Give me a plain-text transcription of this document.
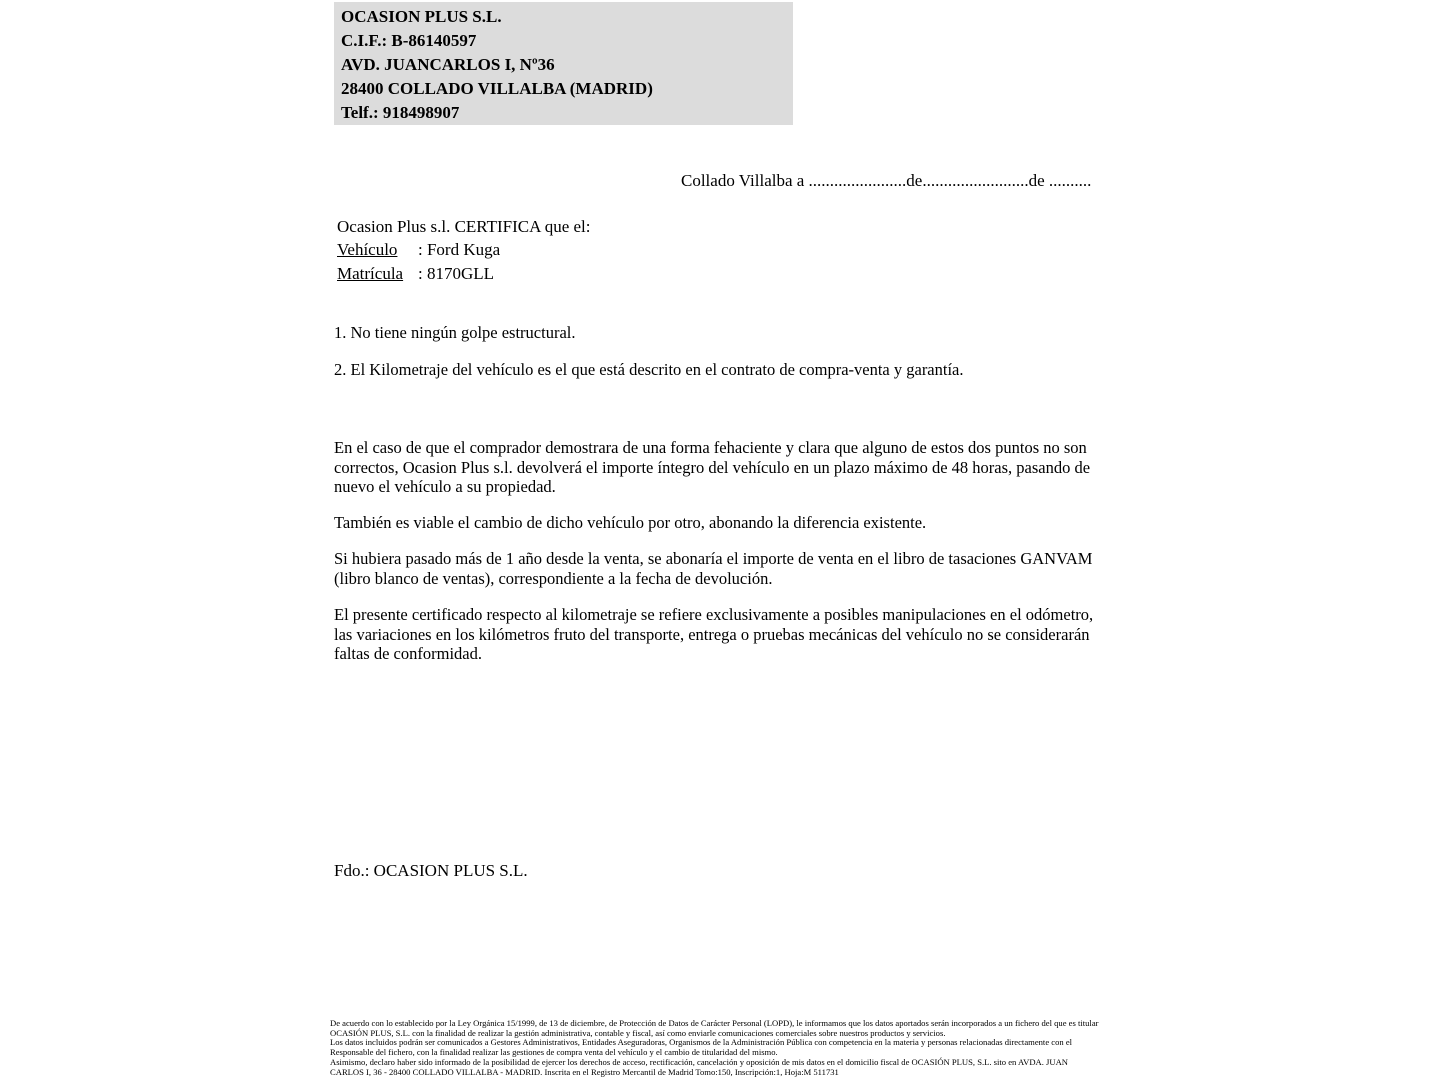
OCASION PLUS S.L.
C.I.F.: B-86140597
AVD. JUANCARLOS I, Nº36
28400 COLLADO VILLALBA (MADRID)
Telf.: 918498907
Collado Villalba a .......................de.........................de ..........
Ocasion Plus s.l. CERTIFICA que el:
Vehículo : Ford Kuga
Matrícula : 8170GLL
1. No tiene ningún golpe estructural.
2. El Kilometraje del vehículo es el que está descrito en el contrato de compra-venta y garantía.

En el caso de que el comprador demostrara de una forma fehaciente y clara que alguno de estos dos puntos no son correctos, Ocasion Plus s.l. devolverá el importe íntegro del vehículo en un plazo máximo de 48 horas, pasando de nuevo el vehículo a su propiedad.

También es viable el cambio de dicho vehículo por otro, abonando la diferencia existente.

Si hubiera pasado más de 1 año desde la venta, se abonaría el importe de venta en el libro de tasaciones GANVAM (libro blanco de ventas), correspondiente a la fecha de devolución.

El presente certificado respecto al kilometraje se refiere exclusivamente a posibles manipulaciones en el odómetro, las variaciones en los kilómetros fruto del transporte, entrega o pruebas mecánicas del vehículo no se considerarán faltas de conformidad.

Fdo.: OCASION PLUS S.L.
De acuerdo con lo establecido por la Ley Orgánica 15/1999, de 13 de diciembre, de Protección de Datos de Carácter Personal (LOPD), le informamos que los datos aportados serán incorporados a un fichero del que es titular OCASIÓN PLUS, S.L. con la finalidad de realizar la gestión administrativa, contable y fiscal, así como enviarle comunicaciones comerciales sobre nuestros productos y servicios.
Los datos incluidos podrán ser comunicados a Gestores Administrativos, Entidades Aseguradoras, Organismos de la Administración Pública con competencia en la materia y personas relacionadas directamente con el Responsable del fichero, con la finalidad realizar las gestiones de compra venta del vehículo y el cambio de titularidad del mismo.
Asimismo, declaro haber sido informado de la posibilidad de ejercer los derechos de acceso, rectificación, cancelación y oposición de mis datos en el domicilio fiscal de OCASIÓN PLUS, S.L. sito en AVDA. JUAN CARLOS I, 36 - 28400 COLLADO VILLALBA - MADRID. Inscrita en el Registro Mercantil de Madrid Tomo:150, Inscripción:1, Hoja:M 511731
